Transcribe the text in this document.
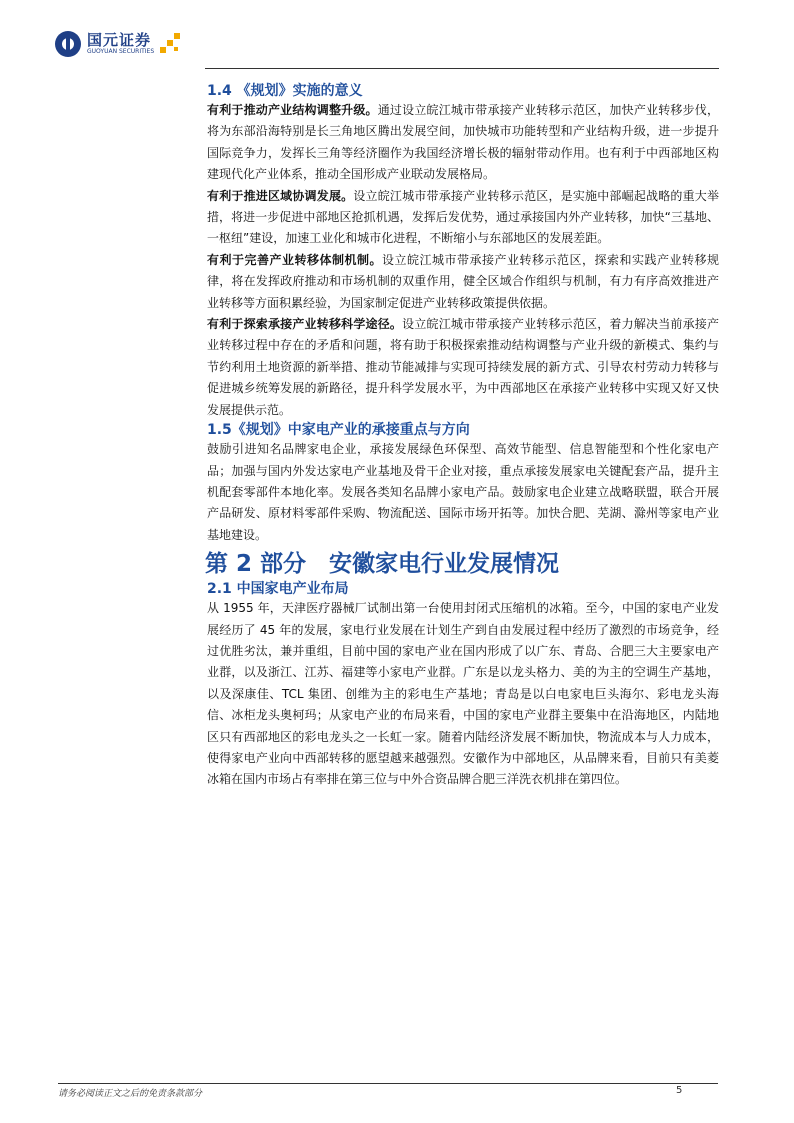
国元证券
GUOYUAN SECURITIES
1.4 《规划》实施的意义

有利于推动产业结构调整升级。通过设立皖江城市带承接产业转移示范区，加快产业转移步伐，将为东部沿海特别是长三角地区腾出发展空间，加快城市功能转型和产业结构升级，进一步提升国际竞争力，发挥长三角等经济圈作为我国经济增长极的辐射带动作用。也有利于中西部地区构建现代化产业体系，推动全国形成产业联动发展格局。

有利于推进区域协调发展。设立皖江城市带承接产业转移示范区，是实施中部崛起战略的重大举措，将进一步促进中部地区抢抓机遇，发挥后发优势，通过承接国内外产业转移，加快“三基地、一枢纽”建设，加速工业化和城市化进程，不断缩小与东部地区的发展差距。

有利于完善产业转移体制机制。设立皖江城市带承接产业转移示范区，探索和实践产业转移规律，将在发挥政府推动和市场机制的双重作用，健全区域合作组织与机制，有力有序高效推进产业转移等方面积累经验，为国家制定促进产业转移政策提供依据。

有利于探索承接产业转移科学途径。设立皖江城市带承接产业转移示范区，着力解决当前承接产业转移过程中存在的矛盾和问题，将有助于积极探索推动结构调整与产业升级的新模式、集约与节约利用土地资源的新举措、推动节能减排与实现可持续发展的新方式、引导农村劳动力转移与促进城乡统筹发展的新路径，提升科学发展水平，为中西部地区在承接产业转移中实现又好又快发展提供示范。

1.5《规划》中家电产业的承接重点与方向

鼓励引进知名品牌家电企业，承接发展绿色环保型、高效节能型、信息智能型和个性化家电产品；加强与国内外发达家电产业基地及骨干企业对接，重点承接发展家电关键配套产品，提升主机配套零部件本地化率。发展各类知名品牌小家电产品。鼓励家电企业建立战略联盟，联合开展产品研发、原材料零部件采购、物流配送、国际市场开拓等。加快合肥、芜湖、滁州等家电产业基地建设。

第 2 部分　安徽家电行业发展情况
2.1 中国家电产业布局

从 1955 年，天津医疗器械厂试制出第一台使用封闭式压缩机的冰箱。至今，中国的家电产业发展经历了 45 年的发展，家电行业发展在计划生产到自由发展过程中经历了激烈的市场竞争，经过优胜劣汰，兼并重组，目前中国的家电产业在国内形成了以广东、青岛、合肥三大主要家电产业群，以及浙江、江苏、福建等小家电产业群。广东是以龙头格力、美的为主的空调生产基地，以及深康佳、TCL 集团、创维为主的彩电生产基地；青岛是以白电家电巨头海尔、彩电龙头海信、冰柜龙头奥柯玛；从家电产业的布局来看，中国的家电产业群主要集中在沿海地区，内陆地区只有西部地区的彩电龙头之一长虹一家。随着内陆经济发展不断加快，物流成本与人力成本，使得家电产业向中西部转移的愿望越来越强烈。安徽作为中部地区，从品牌来看，目前只有美菱冰箱在国内市场占有率排在第三位与中外合资品牌合肥三洋洗衣机排在第四位。

请务必阅读正文之后的免责条款部分	5
